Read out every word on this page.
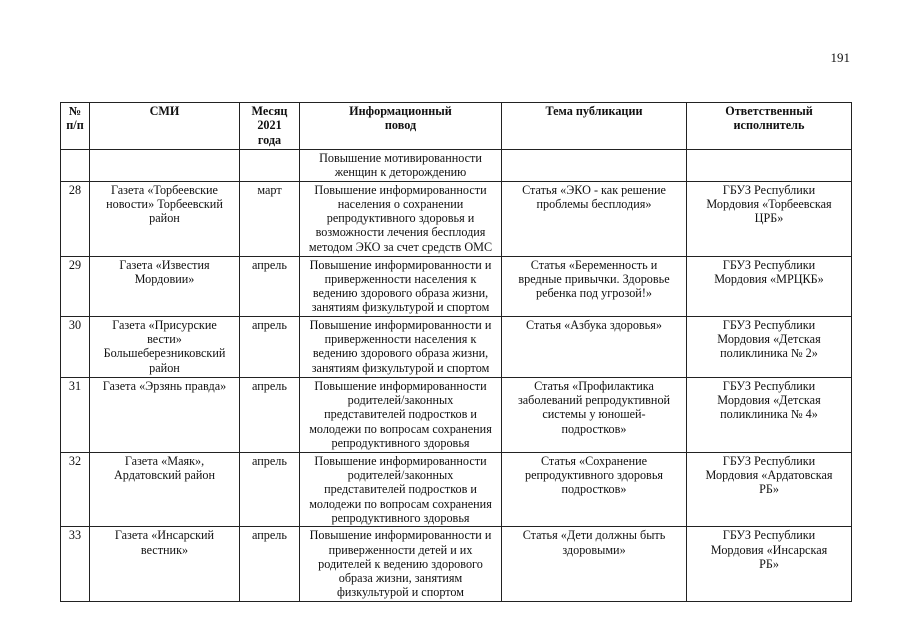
191
№
п/п	СМИ	Месяц
2021
года	Информационный
повод	Тема публикации	Ответственный
исполнитель
			Повышение мотивированности
женщин к деторождению		
28	Газета «Торбеевские
новости» Торбеевский
район	март	Повышение информированности
населения о сохранении
репродуктивного здоровья и
возможности лечения бесплодия
методом ЭКО за счет средств ОМС	Статья «ЭКО - как решение
проблемы бесплодия»	ГБУЗ Республики
Мордовия «Торбеевская
ЦРБ»
29	Газета «Известия
Мордовии»	апрель	Повышение информированности и
приверженности населения к
ведению здорового образа жизни,
занятиям физкультурой и спортом	Статья «Беременность и
вредные привычки. Здоровье
ребенка под угрозой!»	ГБУЗ Республики
Мордовия «МРЦКБ»
30	Газета «Присурские
вести»
Большеберезниковский
район	апрель	Повышение информированности и
приверженности населения к
ведению здорового образа жизни,
занятиям физкультурой и спортом	Статья «Азбука здоровья»	ГБУЗ Республики
Мордовия «Детская
поликлиника № 2»
31	Газета «Эрзянь правда»	апрель	Повышение информированности
родителей/законных
представителей подростков и
молодежи по вопросам сохранения
репродуктивного здоровья	Статья «Профилактика
заболеваний репродуктивной
системы у юношей-
подростков»	ГБУЗ Республики
Мордовия «Детская
поликлиника № 4»
32	Газета «Маяк»,
Ардатовский район	апрель	Повышение информированности
родителей/законных
представителей подростков и
молодежи по вопросам сохранения
репродуктивного здоровья	Статья «Сохранение
репродуктивного здоровья
подростков»	ГБУЗ Республики
Мордовия «Ардатовская
РБ»
33	Газета «Инсарский
вестник»	апрель	Повышение информированности и
приверженности детей и их
родителей к ведению здорового
образа жизни, занятиям
физкультурой и спортом	Статья «Дети должны быть
здоровыми»	ГБУЗ Республики
Мордовия «Инсарская
РБ»
